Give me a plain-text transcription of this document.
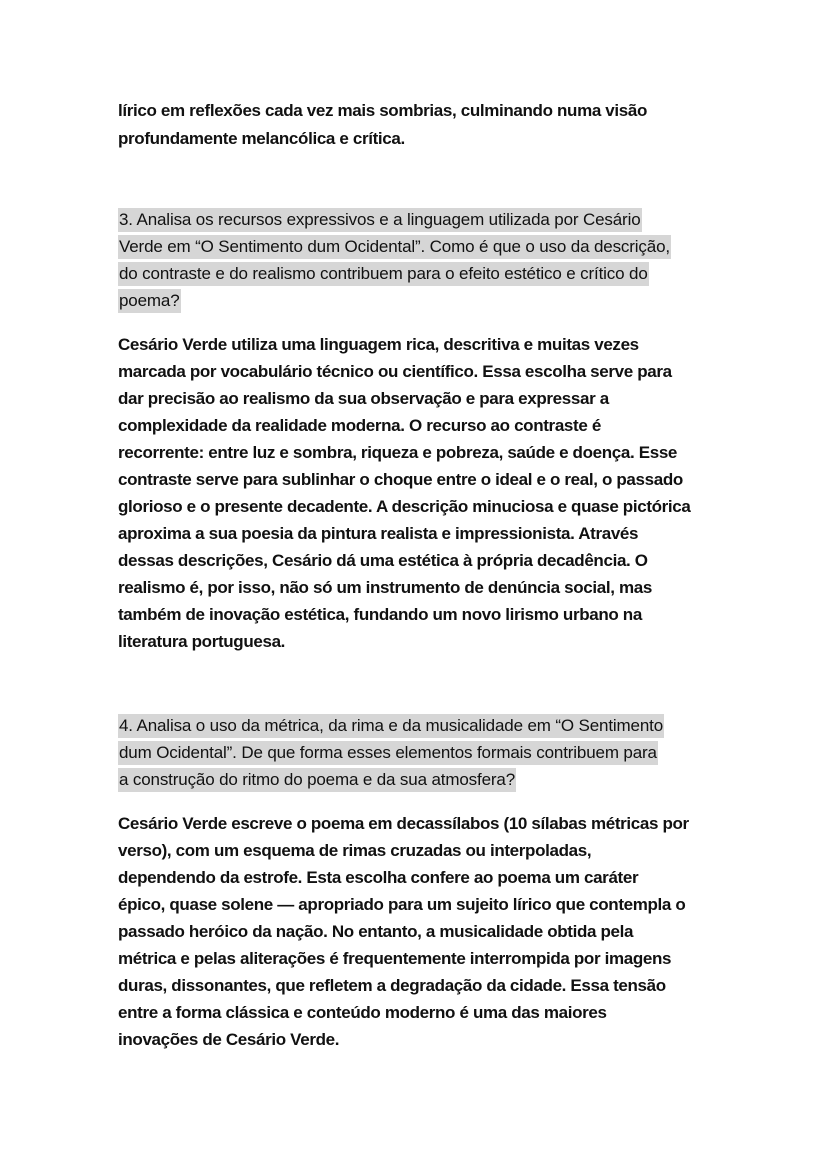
lírico em reflexões cada vez mais sombrias, culminando numa visão
profundamente melancólica e crítica.
3. Analisa os recursos expressivos e a linguagem utilizada por Cesário
Verde em “O Sentimento dum Ocidental”. Como é que o uso da descrição,
do contraste e do realismo contribuem para o efeito estético e crítico do
poema?
Cesário Verde utiliza uma linguagem rica, descritiva e muitas vezes
marcada por vocabulário técnico ou científico. Essa escolha serve para
dar precisão ao realismo da sua observação e para expressar a
complexidade da realidade moderna. O recurso ao contraste é
recorrente: entre luz e sombra, riqueza e pobreza, saúde e doença. Esse
contraste serve para sublinhar o choque entre o ideal e o real, o passado
glorioso e o presente decadente. A descrição minuciosa e quase pictórica
aproxima a sua poesia da pintura realista e impressionista. Através
dessas descrições, Cesário dá uma estética à própria decadência. O
realismo é, por isso, não só um instrumento de denúncia social, mas
também de inovação estética, fundando um novo lirismo urbano na
literatura portuguesa.
4. Analisa o uso da métrica, da rima e da musicalidade em “O Sentimento
dum Ocidental”. De que forma esses elementos formais contribuem para
a construção do ritmo do poema e da sua atmosfera?
Cesário Verde escreve o poema em decassílabos (10 sílabas métricas por
verso), com um esquema de rimas cruzadas ou interpoladas,
dependendo da estrofe. Esta escolha confere ao poema um caráter
épico, quase solene — apropriado para um sujeito lírico que contempla o
passado heróico da nação. No entanto, a musicalidade obtida pela
métrica e pelas aliterações é frequentemente interrompida por imagens
duras, dissonantes, que refletem a degradação da cidade. Essa tensão
entre a forma clássica e conteúdo moderno é uma das maiores
inovações de Cesário Verde.
